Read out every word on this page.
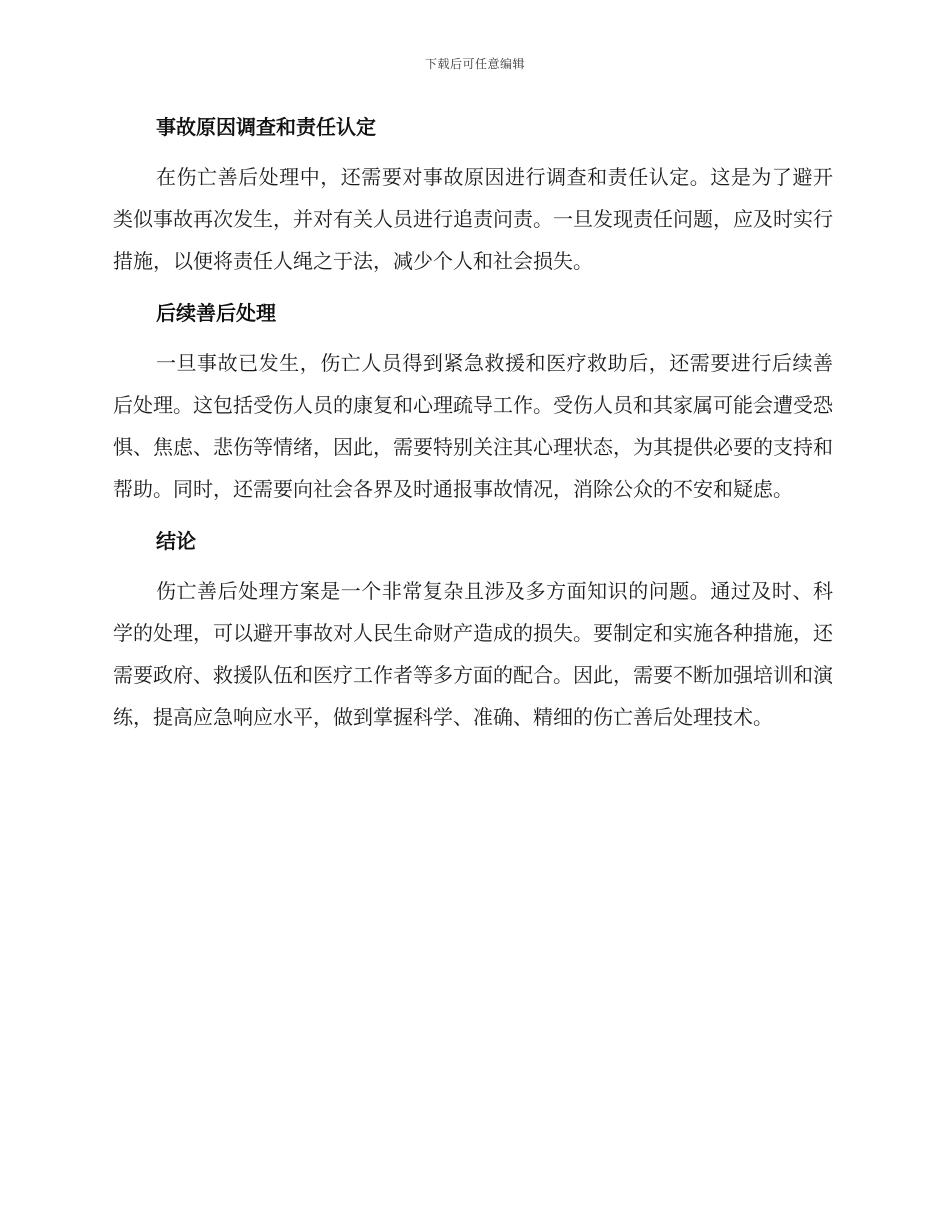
下载后可任意编辑
事故原因调查和责任认定

在伤亡善后处理中，还需要对事故原因进行调查和责任认定。这是为了避开类似事故再次发生，并对有关人员进行追责问责。一旦发现责任问题，应及时实行措施，以便将责任人绳之于法，减少个人和社会损失。

后续善后处理

一旦事故已发生，伤亡人员得到紧急救援和医疗救助后，还需要进行后续善后处理。这包括受伤人员的康复和心理疏导工作。受伤人员和其家属可能会遭受恐惧、焦虑、悲伤等情绪，因此，需要特别关注其心理状态，为其提供必要的支持和帮助。同时，还需要向社会各界及时通报事故情况，消除公众的不安和疑虑。

结论

伤亡善后处理方案是一个非常复杂且涉及多方面知识的问题。通过及时、科学的处理，可以避开事故对人民生命财产造成的损失。要制定和实施各种措施，还需要政府、救援队伍和医疗工作者等多方面的配合。因此，需要不断加强培训和演练，提高应急响应水平，做到掌握科学、准确、精细的伤亡善后处理技术。
